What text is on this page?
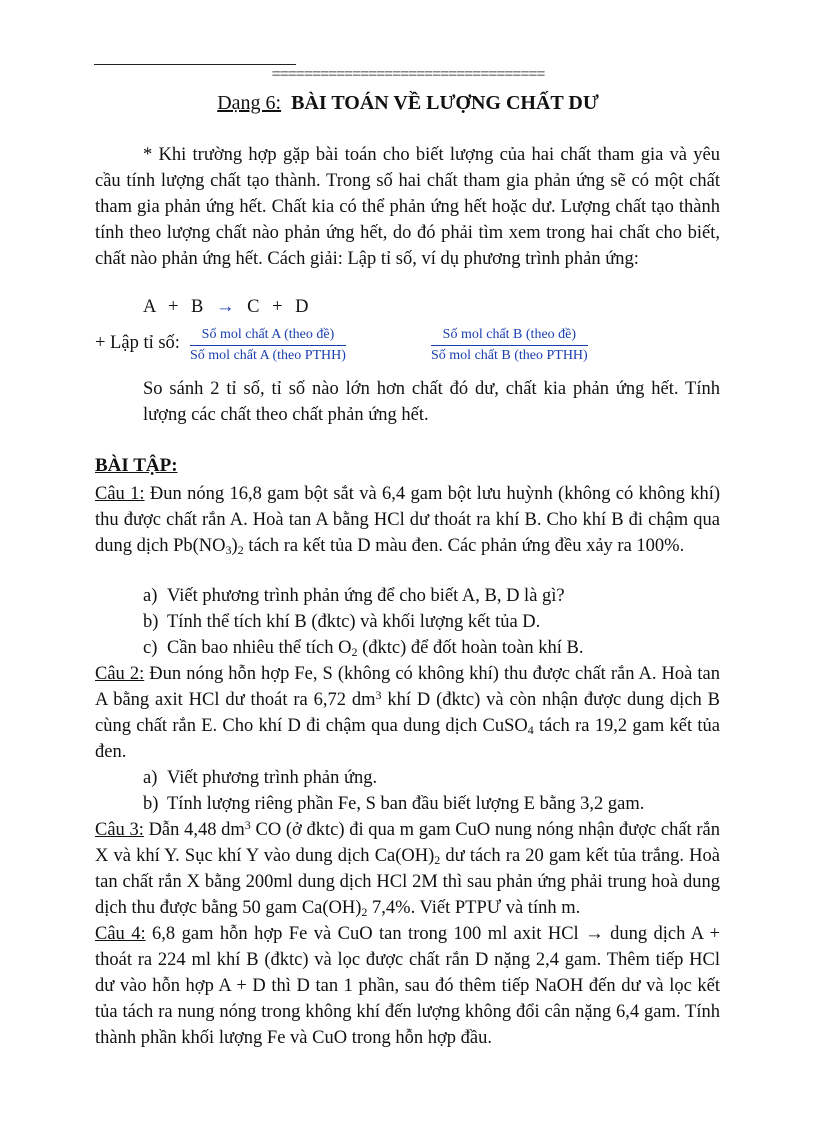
==================================
Dạng 6: BÀI TOÁN VỀ LƯỢNG CHẤT DƯ
* Khi trường hợp gặp bài toán cho biết lượng của hai chất tham gia và yêu cầu tính lượng chất tạo thành. Trong số hai chất tham gia phản ứng sẽ có một chất tham gia phản ứng hết. Chất kia có thể phản ứng hết hoặc dư. Lượng chất tạo thành tính theo lượng chất nào phản ứng hết, do đó phải tìm xem trong hai chất cho biết, chất nào phản ứng hết. Cách giải: Lập tỉ số, ví dụ phương trình phản ứng:
A + B → C + D
+ Lập tỉ số:	Số mol chất A (theo đề)
Số mol chất A (theo PTHH)
Số mol chất B (theo đề)
Số mol chất B (theo PTHH)
So sánh 2 tỉ số, tỉ số nào lớn hơn chất đó dư, chất kia phản ứng hết. Tính lượng các chất theo chất phản ứng hết.
BÀI TẬP:
Câu 1: Đun nóng 16,8 gam bột sắt và 6,4 gam bột lưu huỳnh (không có không khí) thu được chất rắn A. Hoà tan A bằng HCl dư thoát ra khí B. Cho khí B đi chậm qua dung dịch $Pb(NO_3)_2$ tách ra kết tủa D màu đen. Các phản ứng đều xảy ra 100%.
a) Viết phương trình phản ứng để cho biết A, B, D là gì?
b) Tính thể tích khí B (đktc) và khối lượng kết tủa D.
c) Cần bao nhiêu thể tích $O_2$ (đktc) để đốt hoàn toàn khí B.
Câu 2: Đun nóng hỗn hợp Fe, S (không có không khí) thu được chất rắn A. Hoà tan A bằng axit HCl dư thoát ra 6,72 $dm^3$ khí D (đktc) và còn nhận được dung dịch B cùng chất rắn E. Cho khí D đi chậm qua dung dịch CuSO$_4$ tách ra 19,2 gam kết tủa đen.
a) Viết phương trình phản ứng.
b) Tính lượng riêng phần Fe, S ban đầu biết lượng E bằng 3,2 gam.
Câu 3: Dẫn 4,48 $dm^3$ CO (ở đktc) đi qua m gam CuO nung nóng nhận được chất rắn X và khí Y. Sục khí Y vào dung dịch $Ca(OH)_2$ dư tách ra 20 gam kết tủa trắng. Hoà tan chất rắn X bằng 200ml dung dịch HCl 2M thì sau phản ứng phải trung hoà dung dịch thu được bằng 50 gam $Ca(OH)_2$ 7,4%. Viết PTPƯ và tính m.
Câu 4: 6,8 gam hỗn hợp Fe và CuO tan trong 100 ml axit HCl → dung dịch A + thoát ra 224 ml khí B (đktc) và lọc được chất rắn D nặng 2,4 gam. Thêm tiếp HCl dư vào hỗn hợp A + D thì D tan 1 phần, sau đó thêm tiếp NaOH đến dư và lọc kết tủa tách ra nung nóng trong không khí đến lượng không đổi cân nặng 6,4 gam. Tính thành phần khối lượng Fe và CuO trong hỗn hợp đầu.
